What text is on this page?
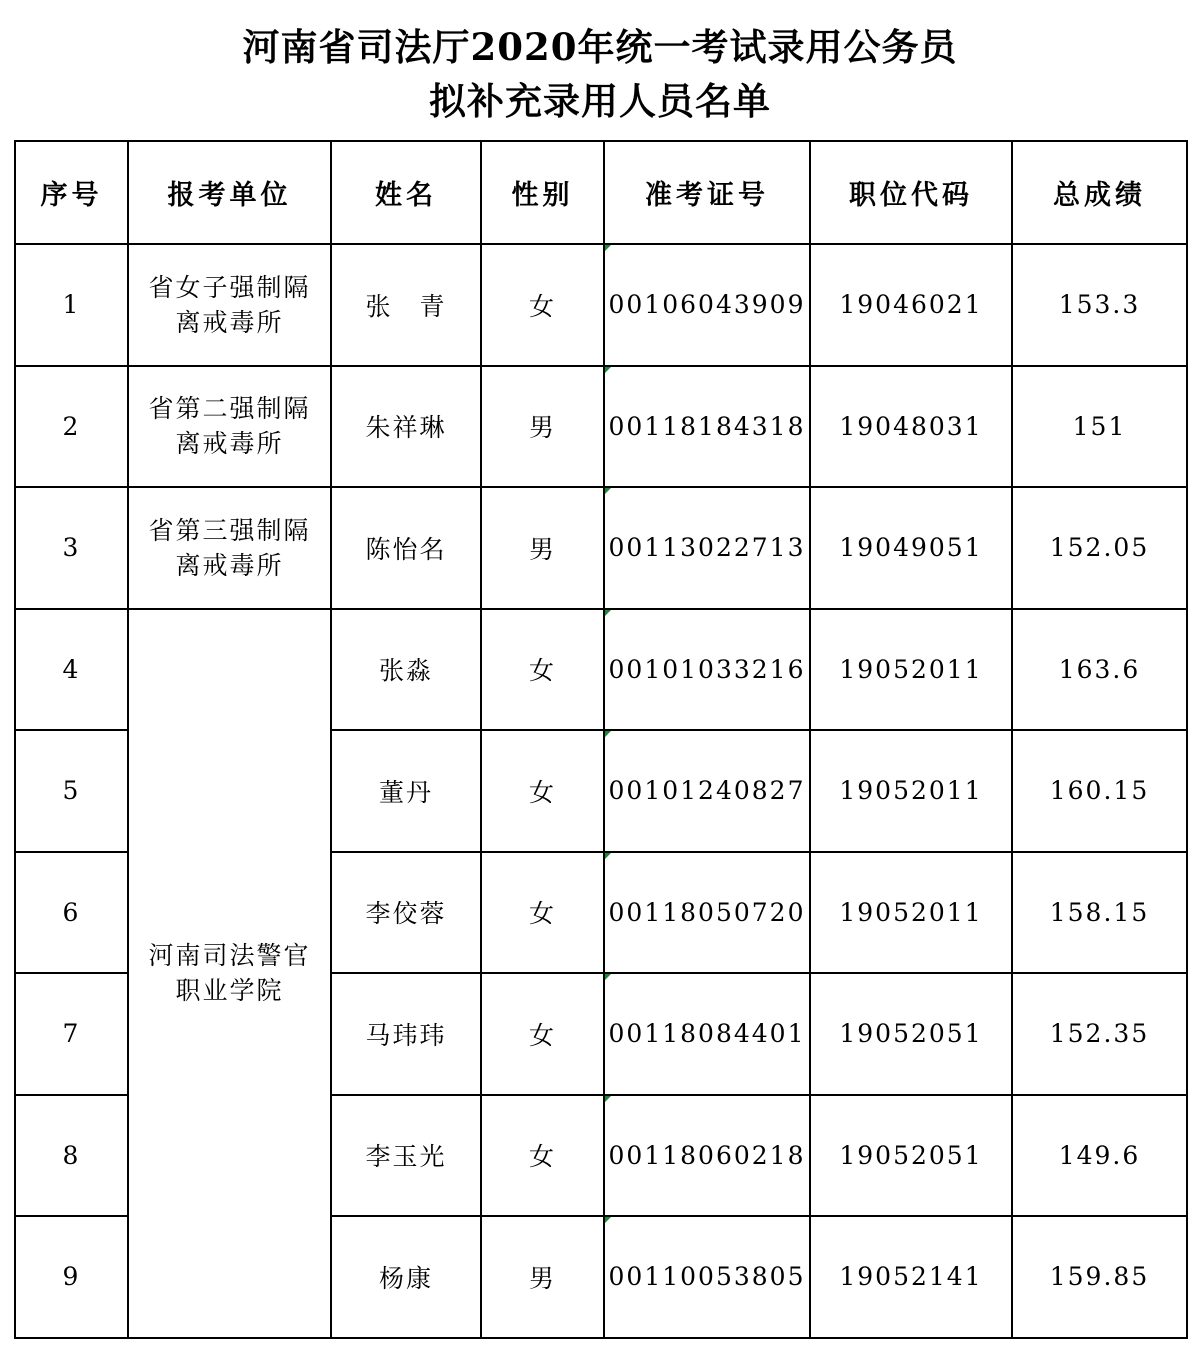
河南省司法厅2020年统一考试录用公务员
拟补充录用人员名单
序号	报考单位	姓名	性别	准考证号	职位代码	总成绩
1	省女子强制隔
离戒毒所	张　青	女	00106043909	19046021	153.3
2	省第二强制隔
离戒毒所	朱祥琳	男	00118184318	19048031	151
3	省第三强制隔
离戒毒所	陈怡名	男	00113022713	19049051	152.05
4	河南司法警官
职业学院	张淼	女	00101033216	19052011	163.6
5		董丹	女	00101240827	19052011	160.15
6		李佼蓉	女	00118050720	19052011	158.15
7		马玮玮	女	00118084401	19052051	152.35
8		李玉光	女	00118060218	19052051	149.6
9		杨康	男	00110053805	19052141	159.85
